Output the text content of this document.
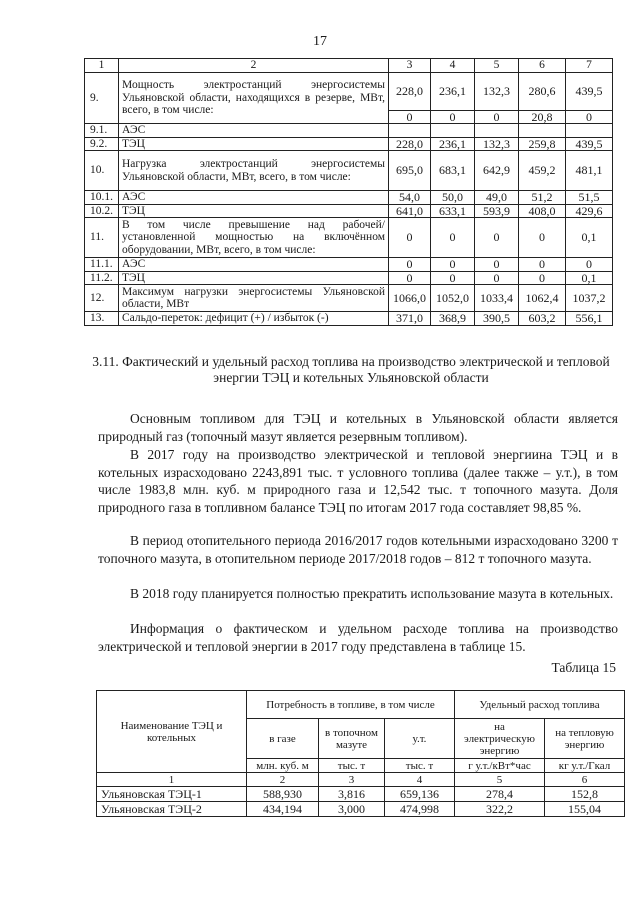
17
1	2	3	4	5	6	7
9.	Мощность электростанций энергосистемы Ульяновской области, находящихся в резерве, МВт, всего, в том числе:	228,0	236,1	132,3	280,6	439,5
		0	0	0	20,8	0
9.1.	АЭС					
9.2.	ТЭЦ	228,0	236,1	132,3	259,8	439,5
10.	Нагрузка электростанций энергосистемы Ульяновской области, МВт, всего, в том числе:	695,0	683,1	642,9	459,2	481,1
10.1.	АЭС	54,0	50,0	49,0	51,2	51,5
10.2.	ТЭЦ	641,0	633,1	593,9	408,0	429,6
11.	В том числе превышение над рабочей/ установленной мощностью на включённом оборудовании, МВт, всего, в том числе:	0	0	0	0	0,1
11.1.	АЭС	0	0	0	0	0
11.2.	ТЭЦ	0	0	0	0	0,1
12.	Максимум нагрузки энергосистемы Ульяновской области, МВт	1066,0	1052,0	1033,4	1062,4	1037,2
13.	Сальдо-переток: дефицит (+) / избыток (-)	371,0	368,9	390,5	603,2	556,1
3.11. Фактический и удельный расход топлива на производство электрической и тепловой энергии ТЭЦ и котельных Ульяновской области

Основным топливом для ТЭЦ и котельных в Ульяновской области является природный газ (топочный мазут является резервным топливом).

В 2017 году на производство электрической и тепловой энергиина ТЭЦ и в котельных израсходовано 2243,891 тыс. т условного топлива (далее также – у.т.), в том числе 1983,8 млн. куб. м природного газа и 12,542 тыс. т топочного мазута. Доля природного газа в топливном балансе ТЭЦ по итогам 2017 года составляет 98,85 %.

В период отопительного периода 2016/2017 годов котельными израсходовано 3200 т топочного мазута, в отопительном периоде 2017/2018 годов – 812 т топочного мазута.

В 2018 году планируется полностью прекратить использование мазута в котельных.

Информация о фактическом и удельном расходе топлива на производство электрической и тепловой энергии в 2017 году представлена в таблице 15.

Таблица 15
Наименование ТЭЦ и котельных	Потребность в топливе, в том числе			Удельный расход топлива	
	в газе	в топочном мазуте	у.т.	на электрическую энергию	на тепловую энергию
	млн. куб. м	тыс. т	тыс. т	г у.т./кВт*час	кг у.т./Гкал
1	2	3	4	5	6
Ульяновская ТЭЦ-1	588,930	3,816	659,136	278,4	152,8
Ульяновская ТЭЦ-2	434,194	3,000	474,998	322,2	155,04
